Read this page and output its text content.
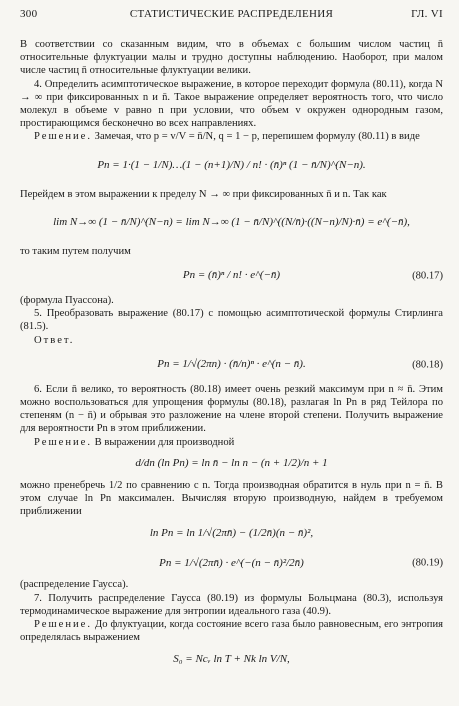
300	СТАТИСТИЧЕСКИЕ РАСПРЕДЕЛЕНИЯ	ГЛ. VI

В соответствии со сказанным видим, что в объемах с большим числом частиц n̄ относительные флуктуации малы и трудно доступны наблюдению. Наоборот, при малом числе частиц n̄ относительные флуктуации велики.

4. Определить асимптотическое выражение, в которое переходит формула (80.11), когда N → ∞ при фиксированных n и n̄. Такое выражение определяет вероятность того, что число молекул в объеме v равно n при условии, что объем v окружен однородным газом, простирающимся бесконечно во всех направлениях.

Решение. Замечая, что p = v/V = n̄/N, q = 1 − p, перепишем формулу (80.11) в виде

Pn = 1·(1 − 1/N)…(1 − (n+1)/N) / n! · (n̄)ⁿ (1 − n̄/N)^(N−n).

Перейдем в этом выражении к пределу N → ∞ при фиксированных n̄ и n. Так как

lim N→∞ (1 − n̄/N)^(N−n) = lim N→∞ (1 − n̄/N)^((N/n̄)·((N−n)/N)·n̄) = e^(−n̄),

то таким путем получим

Pn = (n̄)ⁿ / n! · e^(−n̄)	(80.17)

(формула Пуассона).

5. Преобразовать выражение (80.17) с помощью асимптотической формулы Стирлинга (81.5).

Ответ.

Pn = 1/√(2πn) · (n̄/n)ⁿ · e^(n − n̄).	(80.18)

6. Если n̄ велико, то вероятность (80.18) имеет очень резкий максимум при n ≈ n̄. Этим можно воспользоваться для упрощения формулы (80.18), разлагая ln Pn в ряд Тейлора по степеням (n − n̄) и обрывая это разложение на члене второй степени. Получить выражение для вероятности Pn в этом приближении.

Решение. В выражении для производной

d/dn (ln Pn) = ln n̄ − ln n − (n + 1/2)/n + 1

можно пренебречь 1/2 по сравнению с n. Тогда производная обратится в нуль при n = n̄. В этом случае ln Pn максимален. Вычисляя вторую производную, найдем в требуемом приближении

ln Pn = ln 1/√(2πn̄) − (1/2n̄)(n − n̄)²,
Pn = 1/√(2πn̄) · e^(−(n − n̄)²/2n̄)	(80.19)

(распределение Гаусса).

7. Получить распределение Гаусса (80.19) из формулы Больцмана (80.3), используя термодинамическое выражение для энтропии идеального газа (40.9).

Решение. До флуктуации, когда состояние всего газа было равновесным, его энтропия определялась выражением

S₀ = Ncᵥ ln T + Nk ln V/N,
